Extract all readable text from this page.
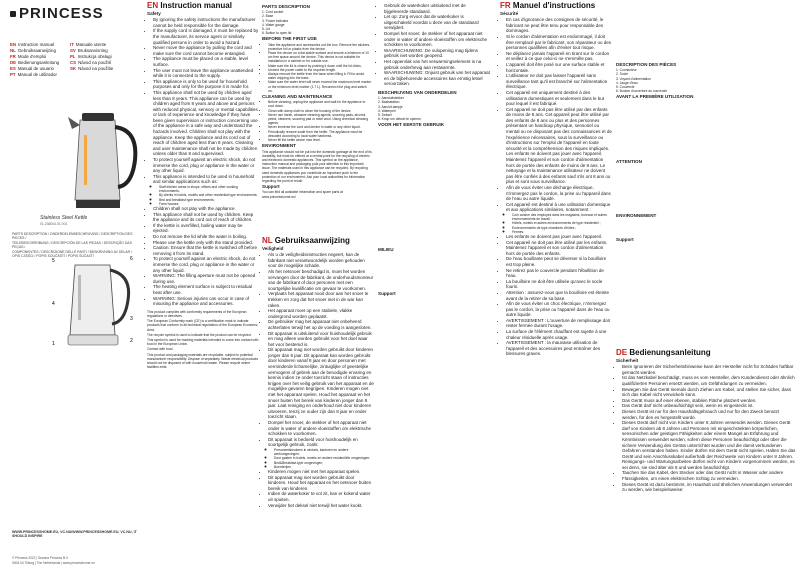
PRINCESS
EN Instruction manual	IT Manuale utente
NL Gebruiksaanwijzing	SV Bruksanvisning
FR Mode d'emploi	PL Instrukcja obsługi
DE Bedienungsanleitung	CS Návod na použití
ES Manual de usuario	SK Návod na použitie
PT Manual de utilizador
Stainless Steel Kettle
01.236004.01.001
PARTS DESCRIPTION / ONDERDELENBESCHRIJVING / DESCRIPTION DES PIECES /
TEILEBESCHREIBUNG / DESCRIPCIÓN DE LAS PIEZAS / DESCRIÇÃO DAS PEÇAS /
COMPONENTES / DESCRIZIONE DELLE PARTI / BESKRIVNING AV DELAR /
OPIS CZĘŚCI / POPIS SOUČÁSTÍ / POPIS SÚČASTÍ
5	6
4
1	2
3
WWW.PRINCESSHOME.EU, VC.NU/WWW.PRINCESSHOME.EU, VC.NU, IT SHOULD INSPIRE
© Princess 2022 | Seanna Princess B.V.
0006-04 Tilburg | The Netherlands | www.princesshome.eu
EN Instruction manual
Safety
• By ignoring the safety instructions the manufacturer cannot be held responsible for the damage.
• If the supply cord is damaged, it must be replaced by the manufacturer, its service agent or similarly qualified persons in order to avoid a hazard.
• Never move the appliance by pulling the cord and make sure the cord cannot become entangled.
• The appliance must be placed on a stable, level surface.
• The user must not leave the appliance unattended while it is connected to the supply.
• This appliance is only to be used for household purposes and only for the purpose it is made for.
• This appliance shall not be used by children aged less than 8 years. This appliance can be used by children aged from 8 years and above and persons with reduced physical, sensory or mental capabilities or lack of experience and knowledge if they have been given supervision or instruction concerning use of the appliance in a safe way and understand the hazards involved. Children shall not play with the appliance. Keep the appliance and its cord out of reach of children aged less than 8 years. Cleaning and user maintenance shall not be made by children unless older than 8 and supervised.
• To protect yourself against an electric shock, do not immerse the cord, plug or appliance in the water or any other liquid.
• This appliance is intended to be used in household and similar applications such as:
◦ Staff kitchen areas in shops, offices and other working environments;
◦ By clients in hotels, motels and other residential type environments;
◦ Bed and breakfast type environments;
◦ Farm houses.
• Children shall not play with the appliance.
• This appliance shall not be used by children. Keep the appliance and its cord out of reach of children.
• If the kettle is overfilled, boiling water may be ejected.
• Do not remove the lid while the water is boiling.
• Please use the kettle only with the stand provided.
• Caution: Ensure that the kettle is switched off before removing it from its stand.
• To protect yourself against an electric shock, do not immerse the cord, plug or appliance in the water or any other liquid.
• WARNING: The filling aperture must not be opened during use.
• The heating element surface is subject to residual heat after use.
• WARNING: Serious injuries can occur in case of misusing the appliance and accessories.

This product complies with conformity requirements of the European regulations or directives.

The European Conformity mark (CE) is a certification mark to indicate products that conform to all technical regulations of the European Economic Area.

The recycle symbol is used to indicate that the product can be recycled.

This symbol is used for marking materials intended to come into contact with food in the European Union.

Contact with food.

This product and packaging materials are recyclable, subject to potential manufacturer responsibility. Dispose of separately. Waste electrical products should not be disposed of with household waste. Please recycle where facilities exist.

PARTS DESCRIPTION
1. Cord socket
2. Base
3. Power indicator
4. Water gauge
5. Lid
6. Button to open lid
BEFORE THE FIRST USE
• Take the appliance and accessories out the box. Remove the stickers, protective foil or plastic from the device.
• Place the device on a flat stable surface and ensure a minimum of 10 cm free space around the device. This device is not suitable for installation in a cabinet or for outside use.
• Make sure the lid is closed by pushing it down until the lid clicks.
• Unwind the power cable to the required length.
• Always remove the kettle from the base when filling it. Fill to avoid water dripping into the base.
• Make sure the water level will never exceed the maximum level marker or the minimum level marker (1.7 L). Reconnect the plug and switch on.
CLEANING AND MAINTENANCE
• Before cleaning, unplug the appliance and wait for the appliance to cool down.
• Clean with damp cloth to clean the housing of the device.
• Never use harsh, abrasive cleaning agents, scouring pads, alcohol, petrol, cleaners, scouring pad or steel wool. Using chemical cleaning agents.
• Never immerse the cord and device in water or any other liquid.
• Periodically remove scale from the kettle. The appliance must be descaled according to local water hardness.
• Never fill the kettle above max level.
ENVIRONMENT

This appliance should not be put into the domestic garbage at the end of its durability, but must be offered at a central point for the recycling of electric and electronic domestic appliances. This symbol on the appliance, instruction manual and packaging puts your attention to this important issue. The materials used in this appliance can be recycled. By recycling used domestic appliances you contribute an important push to the protection of our environment. Ask your local authorities for information regarding the point of recall.

Support

You can find all available information and spare parts at www.princesshome.eu!

NL Gebruiksaanwijzing
Veiligheid
• Als u de veiligheidsinstructies negeert, kan de fabrikant niet verantwoordelijk worden gehouden voor de mogelijke schade.
• Als het netsnoer beschadigd is, moet het worden vervangen door de fabrikant, de onderhoudsmonteur van de fabrikant of door personen met een soortgelijke kwalificatie om gevaar te voorkomen.
• Verplaats het apparaat nooit door aan het snoer te trekken en zorg dat het snoer niet in de war kan raken.
• Het apparaat moet op een stabiele, vlakke ondergrond worden geplaatst.
• De gebruiker mag het apparaat niet onbeheerd achterlaten terwijl het op de voeding is aangesloten.
• Dit apparaat is uitsluitend voor huishoudelijk gebruik en mag alleen worden gebruikt voor het doel waar het voor bestemd is.
• Dit apparaat mag niet worden gebruikt door kinderen jonger dan 8 jaar. Dit apparaat kan worden gebruikt door kinderen vanaf 8 jaar en door personen met verminderde lichamelijke, zintuiglijke of geestelijke vermogens of gebrek aan de benodigde ervaring en kennis indien ze onder toezicht staan of instructies krijgen over het veilig gebruik van het apparaat en de mogelijke gevaren begrijpen. Kinderen mogen niet met het apparaat spelen. Houd het apparaat en het snoer buiten het bereik van kinderen jonger dan 8 jaar. Laat reiniging en onderhoud niet door kinderen uitvoeren, tenzij ze ouder zijn dan 8 jaar en onder toezicht staan.
• Dompel het snoer, de stekker of het apparaat niet onder in water of andere vloeistoffen om elektrische schokken te voorkomen.
• Dit apparaat is bedoeld voor huishoudelijk en soortgelijk gebruik, zoals:
◦ Personeelskeukens in winkels, kantoren en andere werkomgevingen;
◦ Door gasten in hotels, motels en andere residentiële omgevingen;
◦ Bed&Breakfast-type omgevingen;
◦ Boerderijen.
• Kinderen mogen niet met het apparaat spelen.
• Dit apparaat mag niet worden gebruikt door kinderen. Houd het apparaat en het netsnoer buiten bereik van kinderen.
• Indien de waterkoker te vol zit, kan er kokend water uit spuiten.
• Verwijder het deksel niet terwijl het water kookt.
• Gebruik de waterkoker uitsluitend met de bijgeleverde standaard.
• Let op: Zorg ervoor dat de waterkoker is uitgeschakeld voordat u deze van de standaard verwijdert.
• Dompel het snoer, de stekker of het apparaat niet onder in water of andere vloeistoffen om elektrische schokken te voorkomen.
• WAARSCHUWING: De vulopening mag tijdens gebruik niet worden geopend.
• Het oppervlak van het verwarmingselement is na gebruik onderhevig aan restwarmte.
• WAARSCHUWING: Onjuist gebruik van het apparaat en de bijbehorende accessoires kan ernstig letsel veroorzaken.
BESCHRIJVING VAN ONDERDELEN
1. Aansluitstekker
2. Basisstation
3. Aan/uit-lampje
4. Waterpeil
5. Deksel
6. Knop om deksel te openen
VOOR HET EERSTE GEBRUIK
MILIEU
Support
FR Manuel d'instructions
Sécurité
• En cas d'ignorance des consignes de sécurité, le fabricant ne peut être tenu pour responsable des dommages.
• Si le cordon d'alimentation est endommagé, il doit être remplacé par le fabricant, son réparateur ou des personnes qualifiées afin d'éviter tout risque.
• Ne déplacez jamais l'appareil en tirant sur le cordon et veillez à ce que celui-ci ne s'emmêle pas.
• L'appareil doit être posé sur une surface stable et horizontale.
• L'utilisateur ne doit pas laisser l'appareil sans surveillance tant qu'il est branché sur l'alimentation électrique.
• Cet appareil est uniquement destiné à des utilisations domestiques et seulement dans le but pour lequel il est fabriqué.
• Cet appareil ne doit pas être utilisé par des enfants de moins de 8 ans. Cet appareil peut être utilisé par des enfants de 8 ans ou plus et des personnes présentant un handicap physique, sensoriel ou mental ou ne disposant pas des connaissances et de l'expérience nécessaires, sous la surveillance ou d'instructions sur l'emploi de l'appareil en toute sécurité et la compréhension des risques impliqués. Les enfants ne doivent pas jouer avec l'appareil. Maintenez l'appareil et son cordon d'alimentation hors de portée des enfants de moins de 8 ans. Le nettoyage et la maintenance utilisateur ne doivent pas être confiés à des enfants sauf s'ils ont 8 ans ou plus et sont sous surveillance.
• Afin de vous éviter une décharge électrique, n'immergez pas le cordon, la prise ou l'appareil dans de l'eau ou autre liquide.
• Cet appareil est destiné à une utilisation domestique et aux applications similaires, notamment :
◦ Coin cuisine des employés dans les magasins, bureaux et autres environnements de travail ;
◦ Hôtels, motels et autres environnements de type résidentiel ;
◦ Environnements de type chambres d'hôtes ;
◦ Fermes.
• Les enfants ne doivent pas jouer avec l'appareil.
• Cet appareil ne doit pas être utilisé par les enfants. Maintenez l'appareil et son cordon d'alimentation hors de portée des enfants.
• De l'eau bouillante peut se déverser si la bouilloire est trop pleine.
• Ne retirez pas le couvercle pendant l'ébullition de l'eau.
• La bouilloire ne doit être utilisée qu'avec le socle fourni.
• Attention : assurez-vous que la bouilloire est éteinte avant de la retirer de sa base.
• Afin de vous éviter un choc électrique, n'immergez pas le cordon, la prise ou l'appareil dans de l'eau ou autre liquide.
• AVERTISSEMENT : L'ouverture de remplissage doit rester fermée durant l'usage.
• La surface de l'élément chauffant est sujette à une chaleur résiduelle après usage.
• AVERTISSEMENT : la mauvaise utilisation de l'appareil et des accessoires peut entraîner des blessures graves.
DESCRIPTION DES PIÈCES
1. Connecteur
2. Socle
3. Voyant d'alimentation
4. Jauge d'eau
5. Couvercle
6. Bouton d'ouverture du couvercle
AVANT LA PREMIÈRE UTILISATION
ATTENTION
ENVIRONNEMENT
Support
DE Bedienungsanleitung
Sicherheit
• Beim Ignorieren der Sicherheitshinweise kann der Hersteller nicht für Schäden haftbar gemacht werden.
• Ist das Netzkabel beschädigt, muss es vom Hersteller, dem Kundendienst oder ähnlich qualifizierten Personen ersetzt werden, um Gefährdungen zu vermeiden.
• Bewegen Sie das Gerät niemals durch Ziehen am Kabel, und stellen Sie sicher, dass sich das Kabel nicht verwickeln kann.
• Das Gerät muss auf einer ebenen, stabilen Fläche platziert werden.
• Das Gerät darf nicht unbeaufsichtigt sein, wenn es eingesteckt ist.
• Dieses Gerät ist nur für den Haushaltsgebrauch und nur für den Zweck benutzt werden, für den es hergestellt wurde.
• Dieses Gerät darf nicht von Kindern unter 8 Jahren verwendet werden. Dieses Gerät darf von Kindern ab 8 Jahren und Personen mit eingeschränkten körperlichen, sensorischen oder geistigen Fähigkeiten oder einem Mangel an Erfahrung und Kenntnissen verwendet werden, sofern diese Personen beaufsichtigt oder über die sichere Verwendung des Geräts unterrichtet wurden und die damit verbundenen Gefahren verstanden haben. Kinder dürfen mit dem Gerät nicht spielen. Halten Sie das Gerät und sein Anschlusskabel außerhalb der Reichweite von Kindern unter 8 Jahren. Reinigungs- und Wartungsarbeiten dürfen nicht von Kindern vorgenommen werden, es sei denn, sie sind älter als 8 und werden beaufsichtigt.
• Tauchen Sie das Kabel, den Stecker oder das Gerät nicht in Wasser oder andere Flüssigkeiten, um einen elektrischen Schlag zu vermeiden.
• Dieses Gerät ist dazu bestimmt, im Haushalt und ähnlichen Anwendungen verwendet zu werden, wie beispielsweise:
